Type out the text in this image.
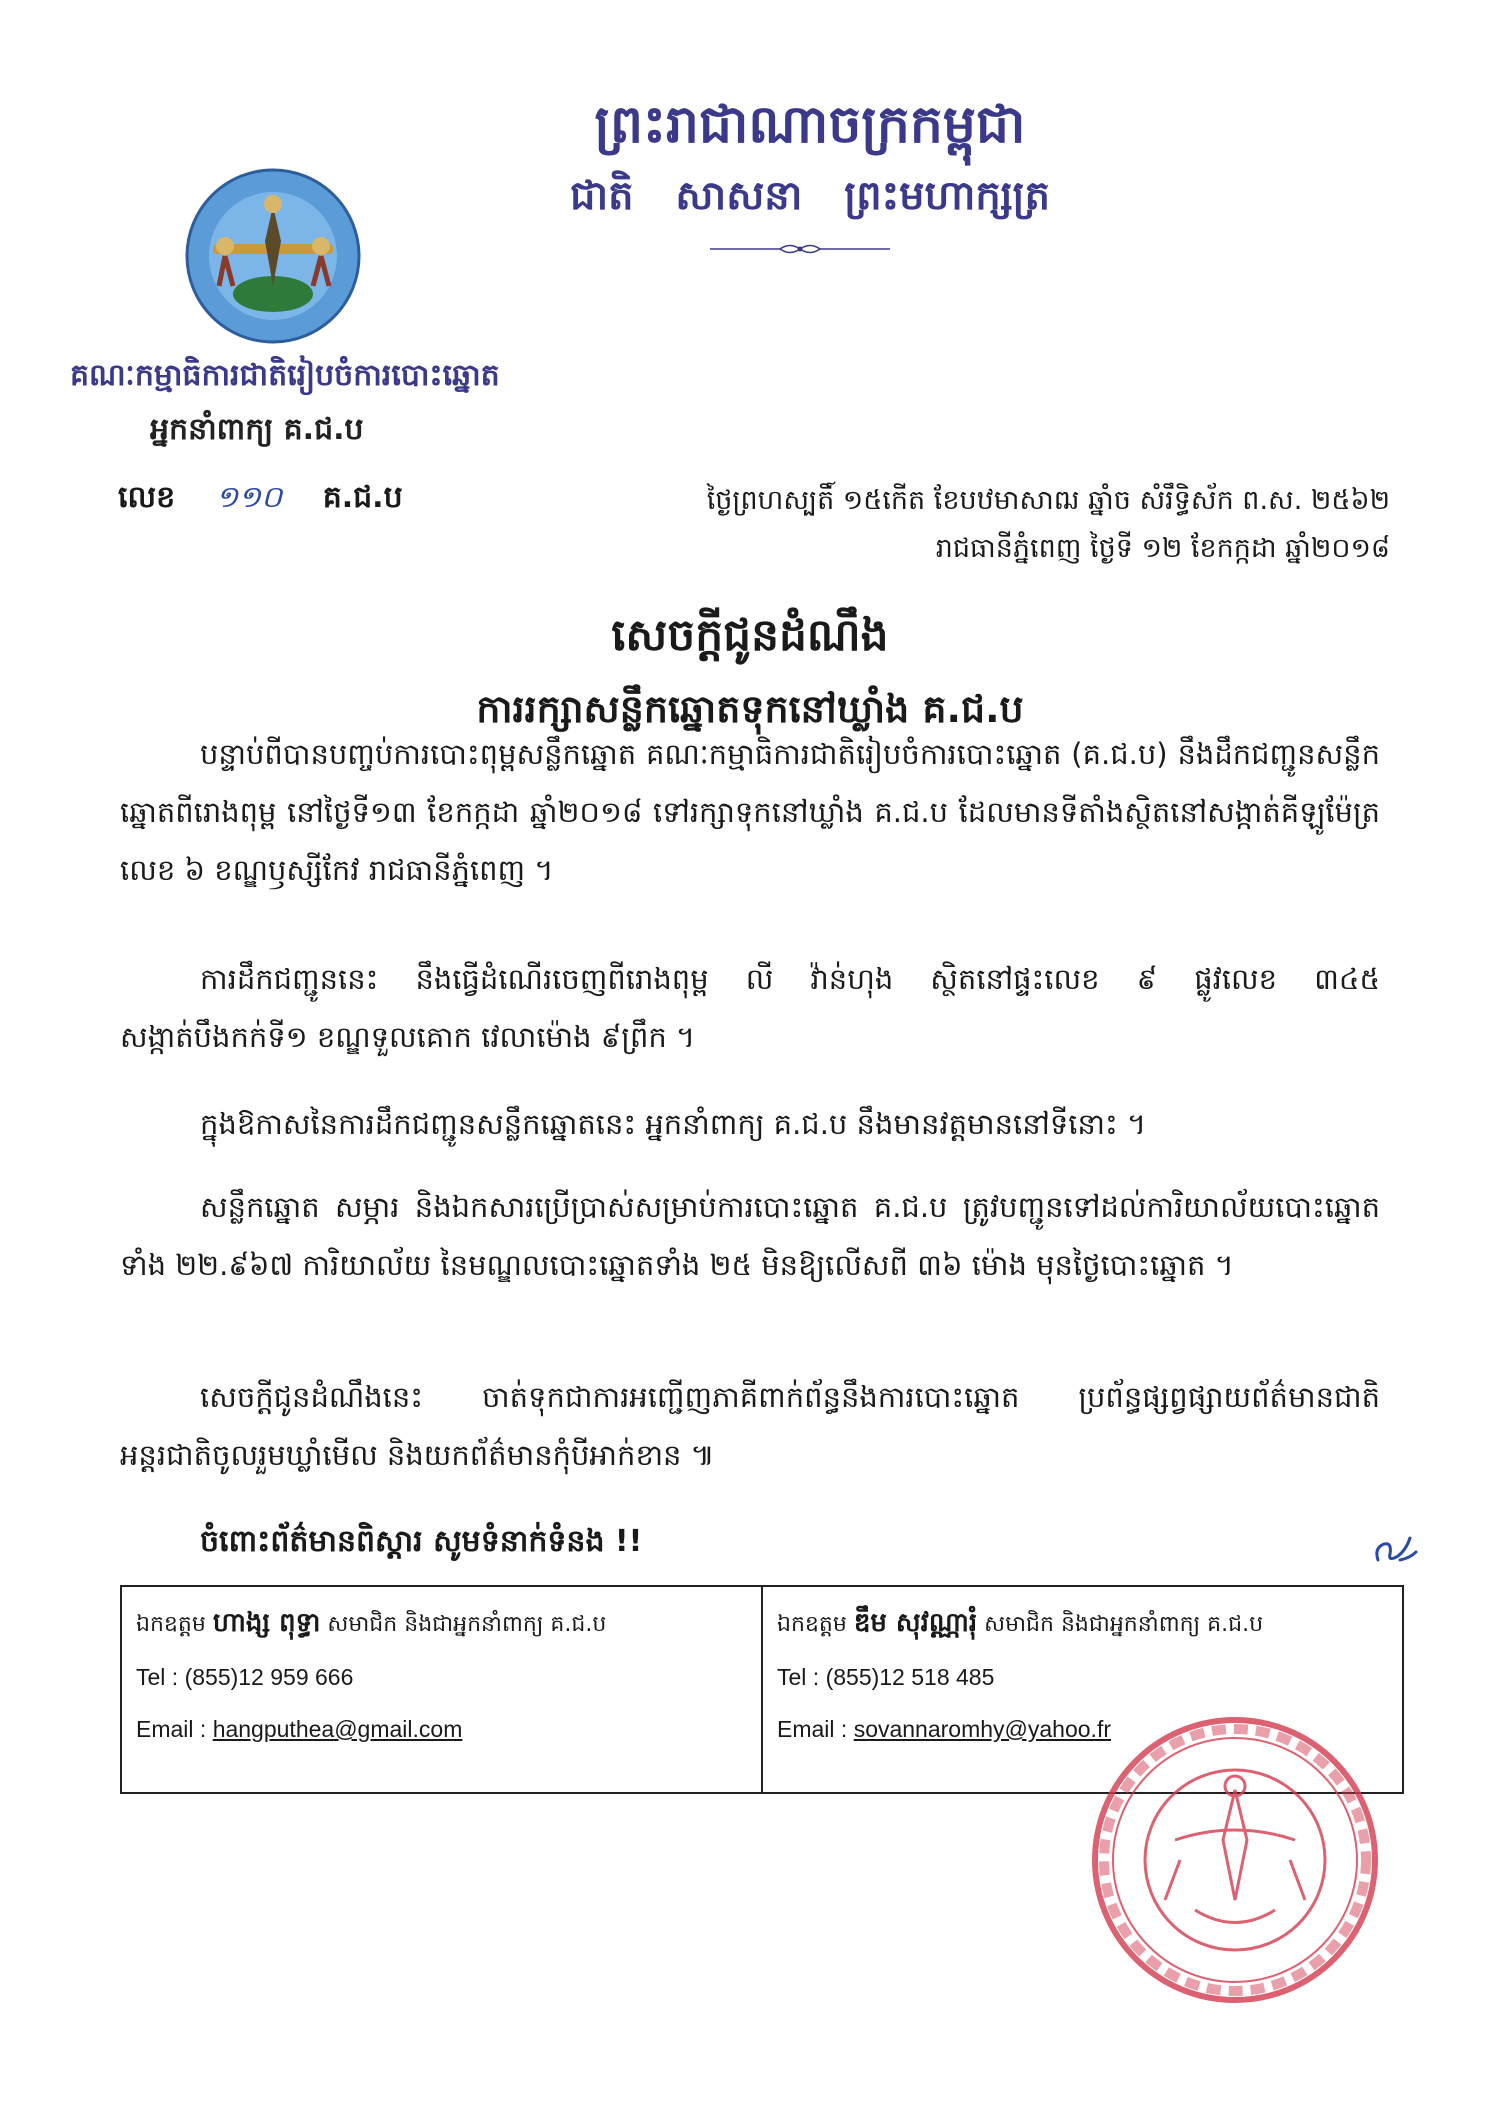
ព្រះរាជាណាចក្រកម្ពុជា
ជាតិ សាសនា ព្រះមហាក្សត្រ
គណៈកម្មាធិការជាតិរៀបចំការបោះឆ្នោត
អ្នកនាំពាក្យ គ.ជ.ប
លេខ ១១០ គ.ជ.ប	ថ្ងៃព្រហស្បតិ៍ ១៥កើត ខែបឋមាសាឍ ឆ្នាំច សំរឹទ្ធិស័ក ព.ស. ២៥៦២
រាជធានីភ្នំពេញ ថ្ងៃទី ១២ ខែកក្កដា ឆ្នាំ២០១៨
សេចក្ដីជូនដំណឹង
ការរក្សាសន្លឹកឆ្នោតទុកនៅឃ្លាំង គ.ជ.ប
បន្ទាប់ពីបានបញ្ចប់ការបោះពុម្ពសន្លឹកឆ្នោត គណៈកម្មាធិការជាតិរៀបចំការបោះឆ្នោត (គ.ជ.ប) នឹងដឹកជញ្ជូនសន្លឹកឆ្នោតពីរោងពុម្ព នៅថ្ងៃទី១៣ ខែកក្កដា ឆ្នាំ២០១៨ ទៅរក្សាទុកនៅឃ្លាំង គ.ជ.ប ដែលមានទីតាំងស្ថិតនៅសង្កាត់គីឡូម៉ែត្រលេខ ៦ ខណ្ឌឫស្សីកែវ រាជធានីភ្នំពេញ ។
ការដឹកជញ្ជូននេះ នឹងធ្វើដំណើរចេញពីរោងពុម្ព លី វ៉ាន់ហុង ស្ថិតនៅផ្ទះលេខ ៩ ផ្លូវលេខ ៣៤៥ សង្កាត់បឹងកក់ទី១ ខណ្ឌទួលគោក វេលាម៉ោង ៩ព្រឹក ។
ក្នុងឱកាសនៃការដឹកជញ្ជូនសន្លឹកឆ្នោតនេះ អ្នកនាំពាក្យ គ.ជ.ប នឹងមានវត្តមាននៅទីនោះ ។
សន្លឹកឆ្នោត សម្ភារ និងឯកសារប្រើប្រាស់សម្រាប់ការបោះឆ្នោត គ.ជ.ប ត្រូវបញ្ជូនទៅដល់ការិយាល័យបោះឆ្នោតទាំង ២២.៩៦៧ ការិយាល័យ នៃមណ្ឌលបោះឆ្នោតទាំង ២៥ មិនឱ្យលើសពី ៣៦ ម៉ោង មុនថ្ងៃបោះឆ្នោត ។
សេចក្ដីជូនដំណឹងនេះ ចាត់ទុកជាការអញ្ជើញភាគីពាក់ព័ន្ធនឹងការបោះឆ្នោត ប្រព័ន្ធផ្សព្វផ្សាយព័ត៌មានជាតិ អន្តរជាតិចូលរួមឃ្លាំមើល និងយកព័ត៌មានកុំបីអាក់ខាន ៕
ចំពោះព័ត៌មានពិស្តារ សូមទំនាក់ទំនង !!
ឯកឧត្តម ហាង្ស ពុទ្ធា សមាជិក និងជាអ្នកនាំពាក្យ គ.ជ.ប
Tel : (855)12 959 666
Email : hangputhea@gmail.com
ឯកឧត្តម ឌឹម សុវណ្ណារុំ សមាជិក និងជាអ្នកនាំពាក្យ គ.ជ.ប
Tel : (855)12 518 485
Email : sovannaromhy@yahoo.fr
